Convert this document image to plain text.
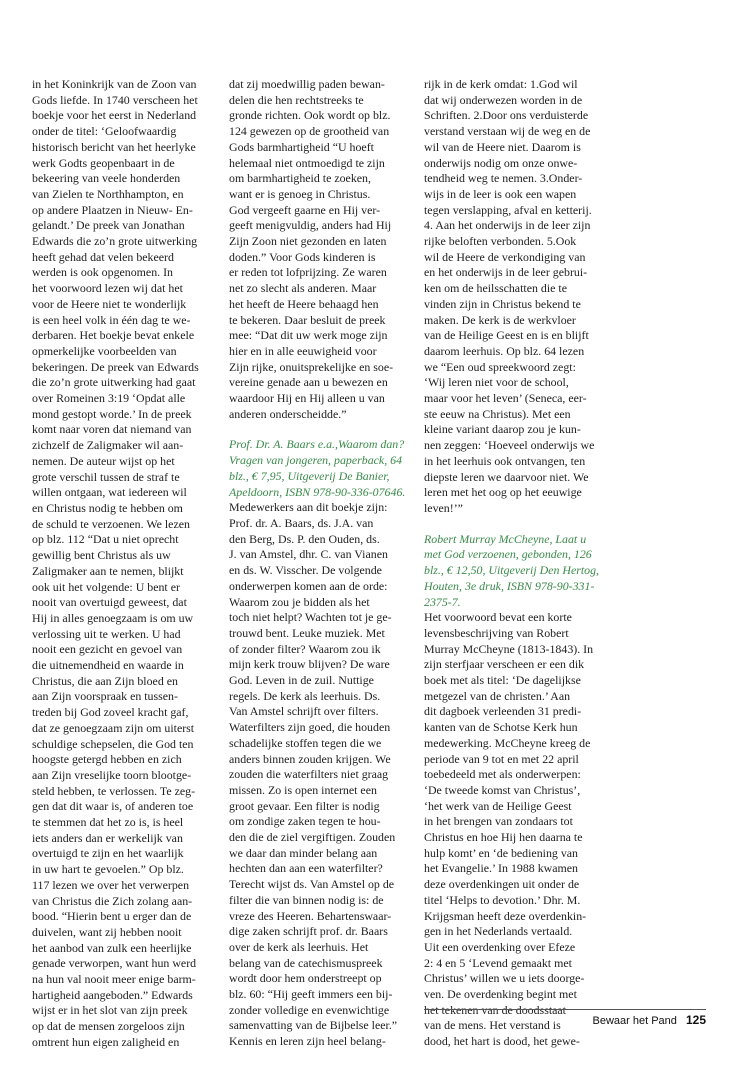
in het Koninkrijk van de Zoon van
Gods liefde. In 1740 verscheen het
boekje voor het eerst in Nederland
onder de titel: ‘Geloofwaardig
historisch bericht van het heerlyke
werk Godts geopenbaart in de
bekeering van veele honderden
van Zielen te Northhampton, en
op andere Plaatzen in Nieuw- En-
gelandt.’ De preek van Jonathan
Edwards die zo’n grote uitwerking
heeft gehad dat velen bekeerd
werden is ook opgenomen. In
het voorwoord lezen wij dat het
voor de Heere niet te wonderlijk
is een heel volk in één dag te we-
derbaren. Het boekje bevat enkele
opmerkelijke voorbeelden van
bekeringen. De preek van Edwards
die zo’n grote uitwerking had gaat
over Romeinen 3:19 ‘Opdat alle
mond gestopt worde.’ In de preek
komt naar voren dat niemand van
zichzelf de Zaligmaker wil aan-
nemen. De auteur wijst op het
grote verschil tussen de straf te
willen ontgaan, wat iedereen wil
en Christus nodig te hebben om
de schuld te verzoenen. We lezen
op blz. 112 “Dat u niet oprecht
gewillig bent Christus als uw
Zaligmaker aan te nemen, blijkt
ook uit het volgende: U bent er
nooit van overtuigd geweest, dat
Hij in alles genoegzaam is om uw
verlossing uit te werken. U had
nooit een gezicht en gevoel van
die uitnemendheid en waarde in
Christus, die aan Zijn bloed en
aan Zijn voorspraak en tussen-
treden bij God zoveel kracht gaf,
dat ze genoegzaam zijn om uiterst
schuldige schepselen, die God ten
hoogste getergd hebben en zich
aan Zijn vreselijke toorn blootge-
steld hebben, te verlossen. Te zeg-
gen dat dit waar is, of anderen toe
te stemmen dat het zo is, is heel
iets anders dan er werkelijk van
overtuigd te zijn en het waarlijk
in uw hart te gevoelen.” Op blz.
117 lezen we over het verwerpen
van Christus die Zich zolang aan-
bood. “Hierin bent u erger dan de
duivelen, want zij hebben nooit
het aanbod van zulk een heerlijke
genade verworpen, want hun werd
na hun val nooit meer enige barm-
hartigheid aangeboden.” Edwards
wijst er in het slot van zijn preek
op dat de mensen zorgeloos zijn
omtrent hun eigen zaligheid en
dat zij moedwillig paden bewan-
delen die hen rechtstreeks te
gronde richten. Ook wordt op blz.
124 gewezen op de grootheid van
Gods barmhartigheid “U hoeft
helemaal niet ontmoedigd te zijn
om barmhartigheid te zoeken,
want er is genoeg in Christus.
God vergeeft gaarne en Hij ver-
geeft menigvuldig, anders had Hij
Zijn Zoon niet gezonden en laten
doden.” Voor Gods kinderen is
er reden tot lofprijzing. Ze waren
net zo slecht als anderen. Maar
het heeft de Heere behaagd hen
te bekeren. Daar besluit de preek
mee: “Dat dit uw werk moge zijn
hier en in alle eeuwigheid voor
Zijn rijke, onuitsprekelijke en soe-
vereine genade aan u bewezen en
waardoor Hij en Hij alleen u van
anderen onderscheidde.”
Prof. Dr. A. Baars e.a.,Waarom dan?
Vragen van jongeren, paperback, 64
blz., € 7,95, Uitgeverij De Banier,
Apeldoorn, ISBN 978-90-336-07646.
Medewerkers aan dit boekje zijn:
Prof. dr. A. Baars, ds. J.A. van
den Berg, Ds. P. den Ouden, ds.
J. van Amstel, dhr. C. van Vianen
en ds. W. Visscher. De volgende
onderwerpen komen aan de orde:
Waarom zou je bidden als het
toch niet helpt? Wachten tot je ge-
trouwd bent. Leuke muziek. Met
of zonder filter? Waarom zou ik
mijn kerk trouw blijven? De ware
God. Leven in de zuil. Nuttige
regels. De kerk als leerhuis. Ds.
Van Amstel schrijft over filters.
Waterfilters zijn goed, die houden
schadelijke stoffen tegen die we
anders binnen zouden krijgen. We
zouden die waterfilters niet graag
missen. Zo is open internet een
groot gevaar. Een filter is nodig
om zondige zaken tegen te hou-
den die de ziel vergiftigen. Zouden
we daar dan minder belang aan
hechten dan aan een waterfilter?
Terecht wijst ds. Van Amstel op de
filter die van binnen nodig is: de
vreze des Heeren. Behartenswaar-
dige zaken schrijft prof. dr. Baars
over de kerk als leerhuis. Het
belang van de catechismuspreek
wordt door hem onderstreept op
blz. 60: “Hij geeft immers een bij-
zonder volledige en evenwichtige
samenvatting van de Bijbelse leer.”
Kennis en leren zijn heel belang-
rijk in de kerk omdat: 1.God wil
dat wij onderwezen worden in de
Schriften. 2.Door ons verduisterde
verstand verstaan wij de weg en de
wil van de Heere niet. Daarom is
onderwijs nodig om onze onwe-
tendheid weg te nemen. 3.Onder-
wijs in de leer is ook een wapen
tegen verslapping, afval en ketterij.
4. Aan het onderwijs in de leer zijn
rijke beloften verbonden. 5.Ook
wil de Heere de verkondiging van
en het onderwijs in de leer gebrui-
ken om de heilsschatten die te
vinden zijn in Christus bekend te
maken. De kerk is de werkvloer
van de Heilige Geest en is en blijft
daarom leerhuis. Op blz. 64 lezen
we “Een oud spreekwoord zegt:
‘Wij leren niet voor de school,
maar voor het leven’ (Seneca, eer-
ste eeuw na Christus). Met een
kleine variant daarop zou je kun-
nen zeggen: ‘Hoeveel onderwijs we
in het leerhuis ook ontvangen, ten
diepste leren we daarvoor niet. We
leren met het oog op het eeuwige
leven!’”
Robert Murray McCheyne, Laat u
met God verzoenen, gebonden, 126
blz., € 12,50, Uitgeverij Den Hertog,
Houten, 3e druk, ISBN 978-90-331-
2375-7.
Het voorwoord bevat een korte
levensbeschrijving van Robert
Murray McCheyne (1813-1843). In
zijn sterfjaar verscheen er een dik
boek met als titel: ‘De dagelijkse
metgezel van de christen.’ Aan
dit dagboek verleenden 31 predi-
kanten van de Schotse Kerk hun
medewerking. McCheyne kreeg de
periode van 9 tot en met 22 april
toebedeeld met als onderwerpen:
‘De tweede komst van Christus’,
‘het werk van de Heilige Geest
in het brengen van zondaars tot
Christus en hoe Hij hen daarna te
hulp komt’ en ‘de bediening van
het Evangelie.’ In 1988 kwamen
deze overdenkingen uit onder de
titel ‘Helps to devotion.’ Dhr. M.
Krijgsman heeft deze overdenkin-
gen in het Nederlands vertaald.
Uit een overdenking over Efeze
2: 4 en 5 ‘Levend gemaakt met
Christus’ willen we u iets doorge-
ven. De overdenking begint met
het tekenen van de doodsstaat
van de mens. Het verstand is
dood, het hart is dood, het gewe-
Bewaar het Pand 125
